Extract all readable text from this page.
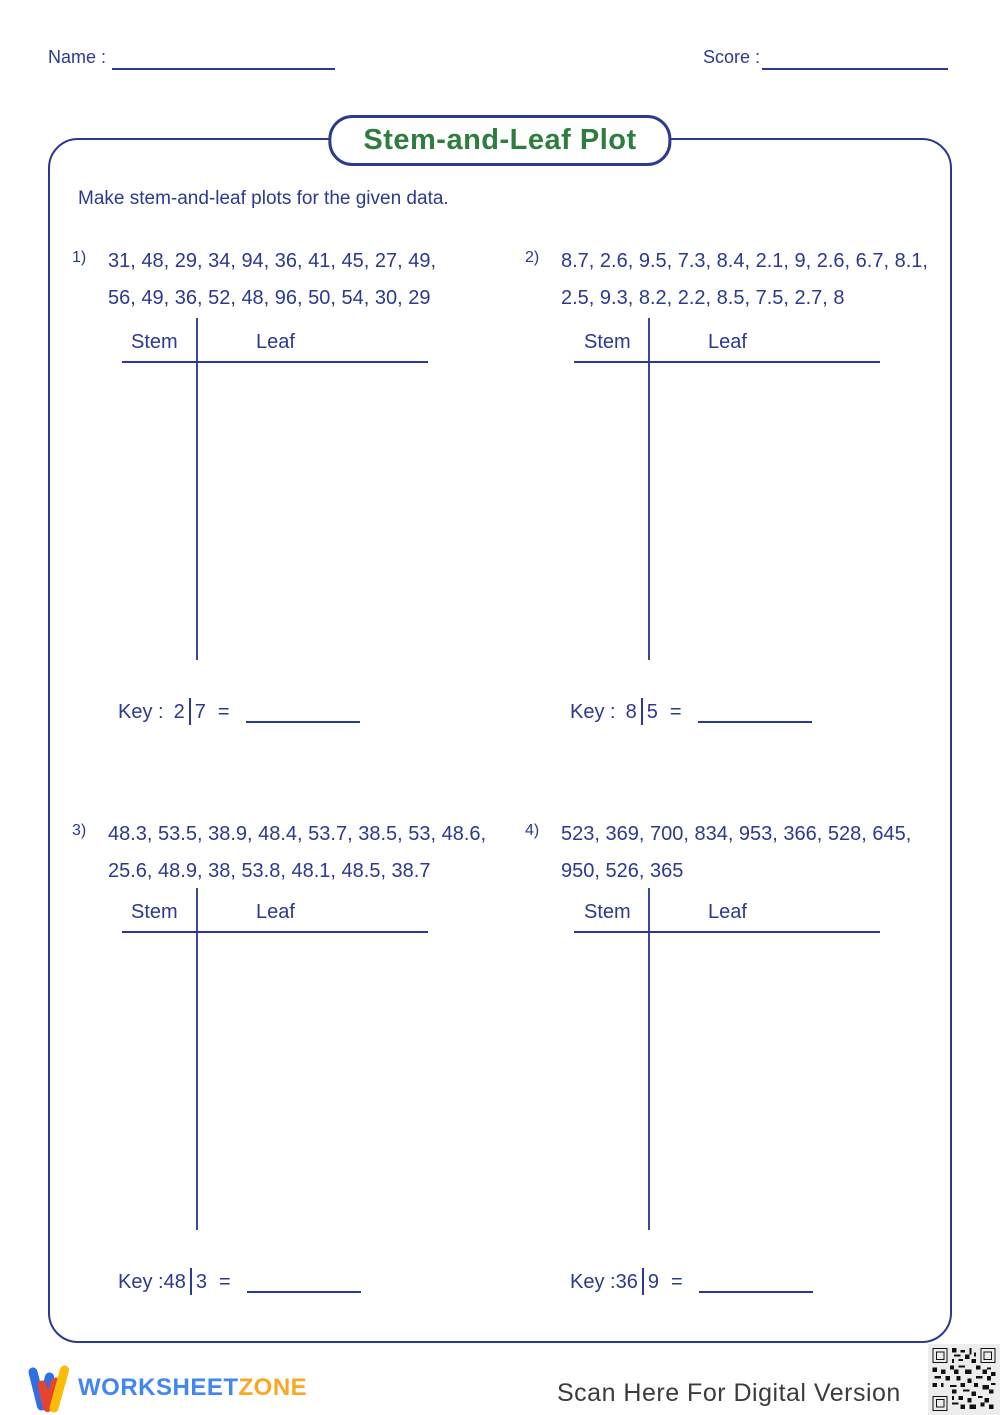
Name :	Score :
Stem-and-Leaf Plot
Make stem-and-leaf plots for the given data.
1) 31, 48, 29, 34, 94, 36, 41, 45, 27, 49,
56, 49, 36, 52, 48, 96, 50, 54, 30, 29
2) 8.7, 2.6, 9.5, 7.3, 8.4, 2.1, 9, 2.6, 6.7, 8.1,
2.5, 9.3, 8.2, 2.2, 8.5, 7.5, 2.7, 8
Stem	Leaf	Stem	Leaf
Key : 2 7 =	Key : 8 5 =
3) 48.3, 53.5, 38.9, 48.4, 53.7, 38.5, 53, 48.6,
25.6, 48.9, 38, 53.8, 48.1, 48.5, 38.7
4) 523, 369, 700, 834, 953, 366, 528, 645,
950, 526, 365
Stem	Leaf	Stem	Leaf
Key :48 3 =	Key :36 9 =
WORKSHEETZONE	Scan Here For Digital Version
